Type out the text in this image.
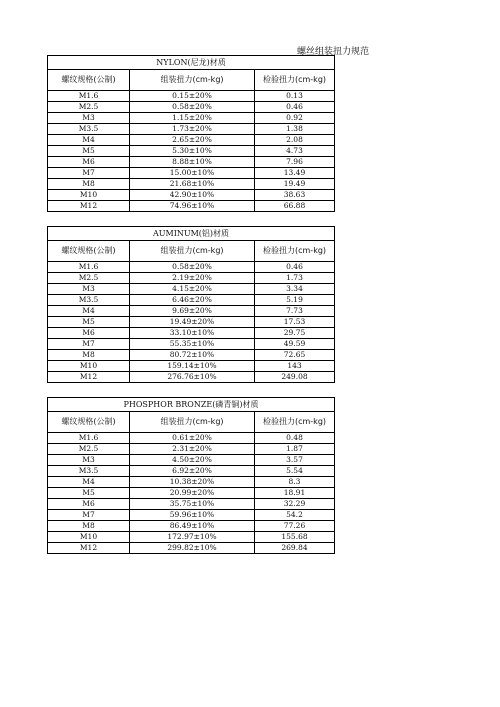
螺丝组装扭力规范
NYLON(尼龙)材质		
螺纹规格(公制)	组装扭力(cm-kg)	检验扭力(cm-kg)
M1.6	0.15±20%	0.13
M2.5	0.58±20%	0.46
M3	1.15±20%	0.92
M3.5	1.73±20%	1.38
M4	2.65±20%	2.08
M5	5.30±10%	4.73
M6	8.88±10%	7.96
M7	15.00±10%	13.49
M8	21.68±10%	19.49
M10	42.90±10%	38.63
M12	74.96±10%	66.88
AUMINUM(铝)材质		
螺纹规格(公制)	组装扭力(cm-kg)	检验扭力(cm-kg)
M1.6	0.58±20%	0.46
M2.5	2.19±20%	1.73
M3	4.15±20%	3.34
M3.5	6.46±20%	5.19
M4	9.69±20%	7.73
M5	19.49±20%	17.53
M6	33.10±10%	29.75
M7	55.35±10%	49.59
M8	80.72±10%	72.65
M10	159.14±10%	143
M12	276.76±10%	249.08
PHOSPHOR BRONZE(磷青铜)材质		
螺纹规格(公制)	组装扭力(cm-kg)	检验扭力(cm-kg)
M1.6	0.61±20%	0.48
M2.5	2.31±20%	1.87
M3	4.50±20%	3.57
M3.5	6.92±20%	5.54
M4	10.38±20%	8.3
M5	20.99±20%	18.91
M6	35.75±10%	32.29
M7	59.96±10%	54.2
M8	86.49±10%	77.26
M10	172.97±10%	155.68
M12	299.82±10%	269.84
